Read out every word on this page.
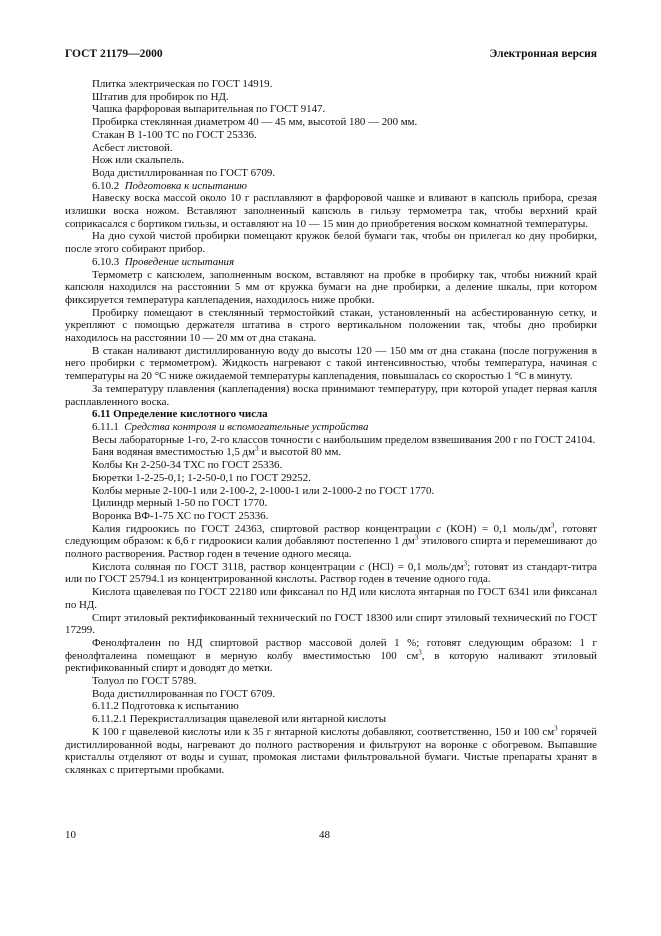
ГОСТ 21179—2000	Электронная версия

Плитка электрическая по ГОСТ 14919.

Штатив для пробирок по НД.

Чашка фарфоровая выпарительная по ГОСТ 9147.

Пробирка стеклянная диаметром 40 — 45 мм, высотой 180 — 200 мм.

Стакан В 1-100 ТС по ГОСТ 25336.

Асбест листовой.

Нож или скальпель.

Вода дистиллированная по ГОСТ 6709.

6.10.2 Подготовка к испытанию

Навеску воска массой около 10 г расплавляют в фарфоровой чашке и вливают в капсюль прибора, срезая излишки воска ножом. Вставляют заполненный капсюль в гильзу термометра так, чтобы верхний край соприкасался с бортиком гильзы, и оставляют на 10 — 15 мин до приобретения воском комнатной температуры.

На дно сухой чистой пробирки помещают кружок белой бумаги так, чтобы он прилегал ко дну пробирки, после этого собирают прибор.

6.10.3 Проведение испытания

Термометр с капсюлем, заполненным воском, вставляют на пробке в пробирку так, чтобы нижний край капсюля находился на расстоянии 5 мм от кружка бумаги на дне пробирки, а деление шкалы, при котором фиксируется температура каплепадения, находилось ниже пробки.

Пробирку помещают в стеклянный термостойкий стакан, установленный на асбестированную сетку, и укрепляют с помощью держателя штатива в строго вертикальном положении так, чтобы дно пробирки находилось на расстоянии 10 — 20 мм от дна стакана.

В стакан наливают дистиллированную воду до высоты 120 — 150 мм от дна стакана (после погружения в него пробирки с термометром). Жидкость нагревают с такой интенсивностью, чтобы температура, начиная с температуры на 20 °С ниже ожидаемой температуры каплепадения, повышалась со скоростью 1 °С в минуту.

За температуру плавления (каплепадения) воска принимают температуру, при которой упадет первая капля расплавленного воска.

6.11 Определение кислотного числа

6.11.1 Средства контроля и вспомогательные устройства

Весы лабораторные 1-го, 2-го классов точности с наибольшим пределом взвешивания 200 г по ГОСТ 24104.

Баня водяная вместимостью 1,5 $дм^3$ и высотой 80 мм.

Колбы Кн 2-250-34 ТХС по ГОСТ 25336.

Бюретки 1-2-25-0,1; 1-2-50-0,1 по ГОСТ 29252.

Колбы мерные 2-100-1 или 2-100-2, 2-1000-1 или 2-1000-2 по ГОСТ 1770.

Цилиндр мерный 1-50 по ГОСТ 1770.

Воронка ВФ-1-75 ХС по ГОСТ 25336.

Калия гидроокись по ГОСТ 24363, спиртовой раствор концентрации с (КОН) = 0,1 моль/$дм^3$, готовят следующим образом: к 6,6 г гидроокиси калия добавляют постепенно 1 $дм^3$ этилового спирта и перемешивают до полного растворения. Раствор годен в течение одного месяца.

Кислота соляная по ГОСТ 3118, раствор концентрации с (HCl) = 0,1 моль/$дм^3$; готовят из стандарт-титра или по ГОСТ 25794.1 из концентрированной кислоты. Раствор годен в течение одного года.

Кислота щавелевая по ГОСТ 22180 или фиксанал по НД или кислота янтарная по ГОСТ 6341 или фиксанал по НД.

Спирт этиловый ректификованный технический по ГОСТ 18300 или спирт этиловый технический по ГОСТ 17299.

Фенолфталеин по НД спиртовой раствор массовой долей 1 %; готовят следующим образом: 1 г фенолфталеина помещают в мерную колбу вместимостью 100 $см^3$, в которую наливают этиловый ректификованный спирт и доводят до метки.

Толуол по ГОСТ 5789.

Вода дистиллированная по ГОСТ 6709.

6.11.2 Подготовка к испытанию

6.11.2.1 Перекристаллизация щавелевой или янтарной кислоты

К 100 г щавелевой кислоты или к 35 г янтарной кислоты добавляют, соответственно, 150 и 100 $см^3$ горячей дистиллированной воды, нагревают до полного растворения и фильтруют на воронке с обогревом. Выпавшие кристаллы отделяют от воды и сушат, промокая листами фильтровальной бумаги. Чистые препараты хранят в склянках с притертыми пробками.

10	48
